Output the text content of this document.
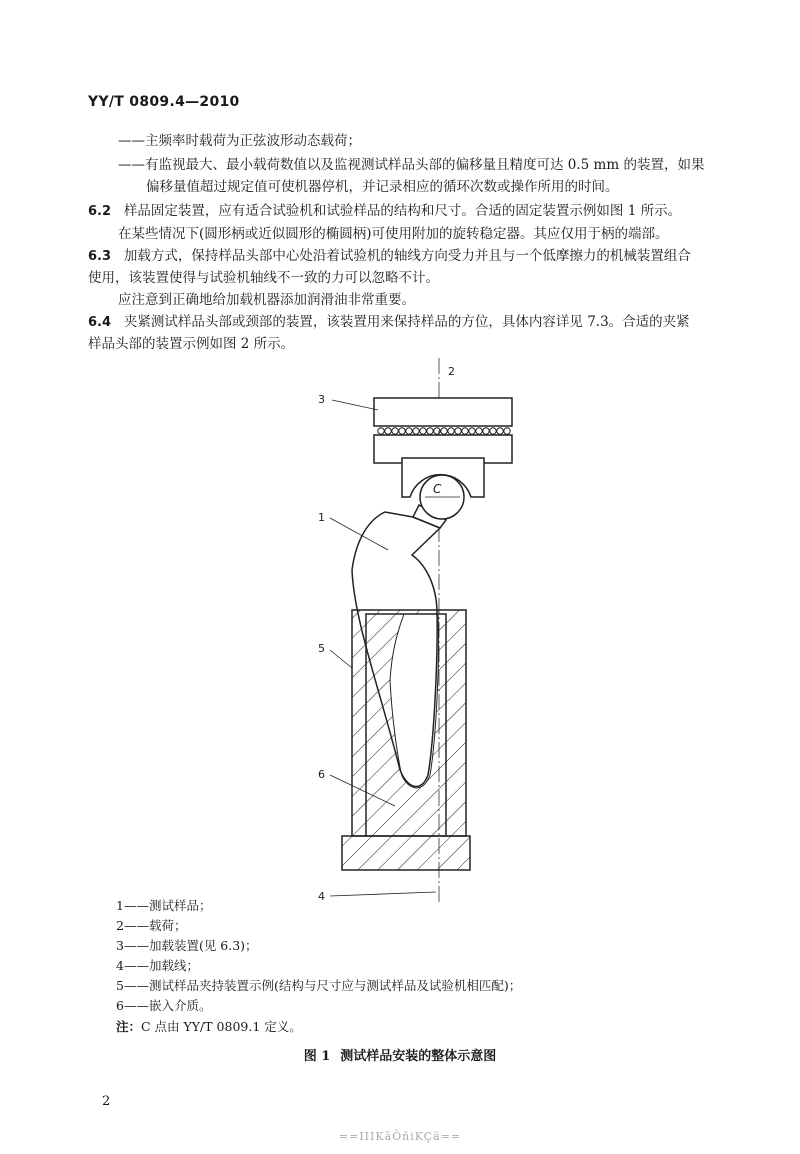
YY/T 0809.4—2010
——主频率时载荷为正弦波形动态载荷；
——有监视最大、最小载荷数值以及监视测试样品头部的偏移量且精度可达 0.5 mm 的装置，如果
偏移量值超过规定值可使机器停机，并记录相应的循环次数或操作所用的时间。
6.2 样品固定装置，应有适合试验机和试验样品的结构和尺寸。合适的固定装置示例如图 1 所示。
在某些情况下(圆形柄或近似圆形的椭圆柄)可使用附加的旋转稳定器。其应仅用于柄的端部。
6.3 加载方式，保持样品头部中心处沿着试验机的轴线方向受力并且与一个低摩擦力的机械装置组合
使用，该装置使得与试验机轴线不一致的力可以忽略不计。
应注意到正确地给加载机器添加润滑油非常重要。
6.4 夹紧测试样品头部或颈部的装置，该装置用来保持样品的方位，具体内容详见 7.3。合适的夹紧
样品头部的装置示例如图 2 所示。
1
2
3
4
5
6
C
1——测试样品；
2——载荷；
3——加载装置(见 6.3)；
4——加载线；
5——测试样品夹持装置示例(结构与尺寸应与测试样品及试验机相匹配)；
6——嵌入介质。
注：C 点由 YY/T 0809.1 定义。
图 1 测试样品安装的整体示意图
2
==IIIKãÕñiKÇä==
